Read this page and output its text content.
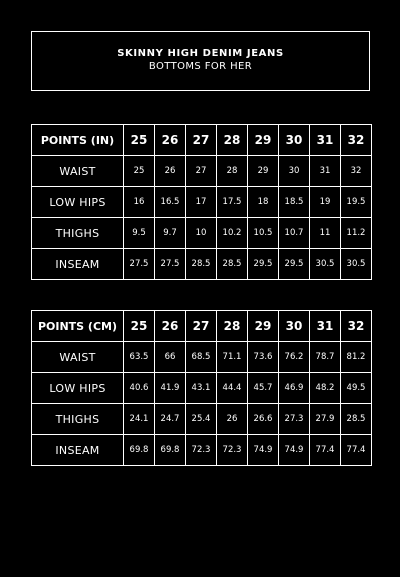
SKINNY HIGH DENIM JEANS
BOTTOMS FOR HER
POINTS (IN)	25	26	27	28	29	30	31	32
WAIST	25	26	27	28	29	30	31	32
LOW HIPS	16	16.5	17	17.5	18	18.5	19	19.5
THIGHS	9.5	9.7	10	10.2	10.5	10.7	11	11.2
INSEAM	27.5	27.5	28.5	28.5	29.5	29.5	30.5	30.5
POINTS (CM)	25	26	27	28	29	30	31	32
WAIST	63.5	66	68.5	71.1	73.6	76.2	78.7	81.2
LOW HIPS	40.6	41.9	43.1	44.4	45.7	46.9	48.2	49.5
THIGHS	24.1	24.7	25.4	26	26.6	27.3	27.9	28.5
INSEAM	69.8	69.8	72.3	72.3	74.9	74.9	77.4	77.4
